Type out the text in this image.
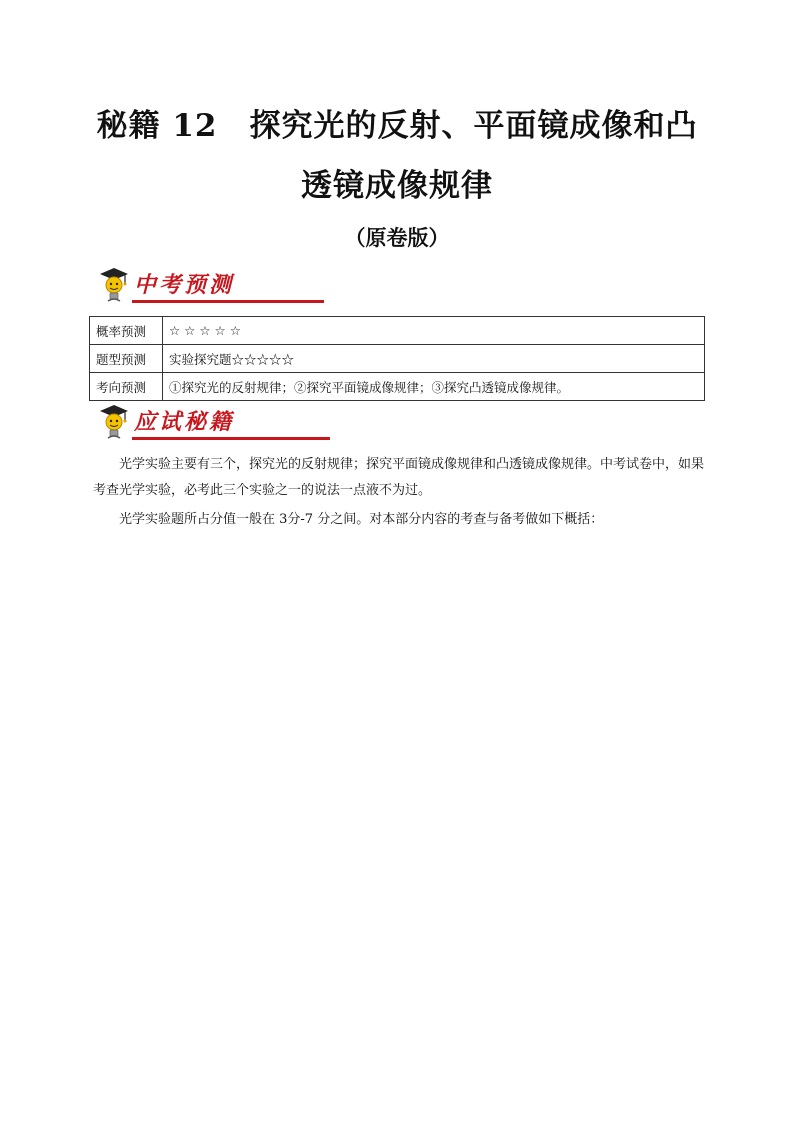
秘籍 12　探究光的反射、平面镜成像和凸
透镜成像规律
（原卷版）
中考预测
概率预测	☆ ☆ ☆ ☆ ☆
题型预测	实验探究题☆☆☆☆☆
考向预测	①探究光的反射规律；②探究平面镜成像规律；③探究凸透镜成像规律。
应试秘籍

光学实验主要有三个，探究光的反射规律；探究平面镜成像规律和凸透镜成像规律。中考试卷中，如果考查光学实验，必考此三个实验之一的说法一点液不为过。

光学实验题所占分值一般在 3分-7 分之间。对本部分内容的考查与备考做如下概括：
